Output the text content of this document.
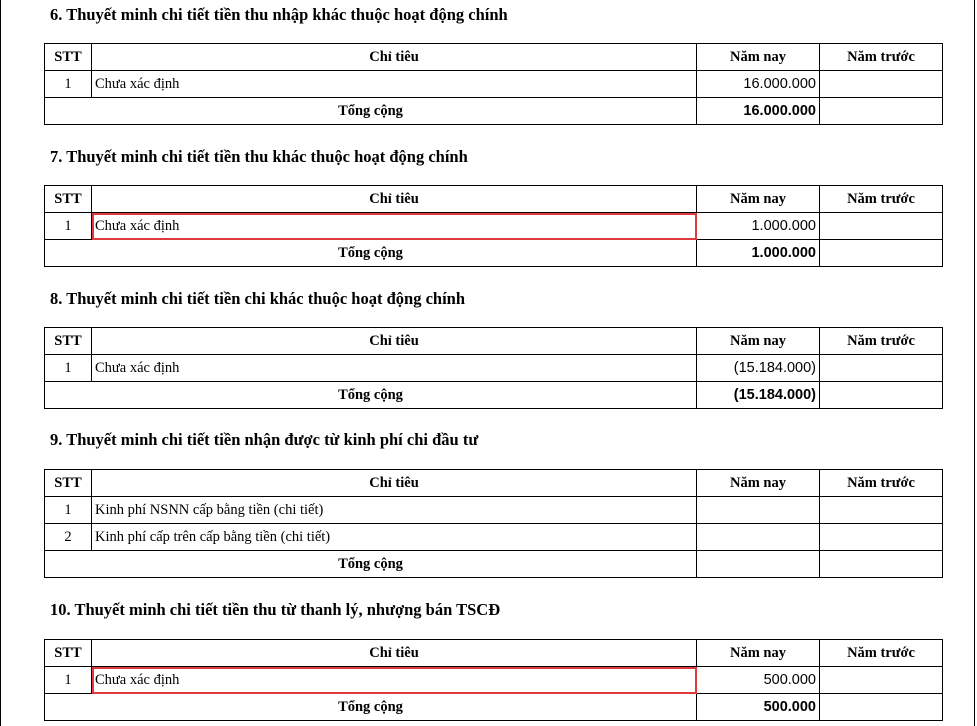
6. Thuyết minh chi tiết tiền thu nhập khác thuộc hoạt động chính
STT	Chỉ tiêu	Năm nay	Năm trước
1	Chưa xác định	16.000.000	
Tổng cộng		16.000.000	
7. Thuyết minh chi tiết tiền thu khác thuộc hoạt động chính
STT	Chỉ tiêu	Năm nay	Năm trước
1	Chưa xác định	1.000.000	
Tổng cộng		1.000.000	
8. Thuyết minh chi tiết tiền chi khác thuộc hoạt động chính
STT	Chỉ tiêu	Năm nay	Năm trước
1	Chưa xác định	(15.184.000)	
Tổng cộng		(15.184.000)	
9. Thuyết minh chi tiết tiền nhận được từ kinh phí chi đầu tư
STT	Chỉ tiêu	Năm nay	Năm trước
1	Kinh phí NSNN cấp bằng tiền (chi tiết)		
2	Kinh phí cấp trên cấp bằng tiền (chi tiết)		
Tổng cộng			
10. Thuyết minh chi tiết tiền thu từ thanh lý, nhượng bán TSCĐ
STT	Chỉ tiêu	Năm nay	Năm trước
1	Chưa xác định	500.000	
Tổng cộng		500.000	
